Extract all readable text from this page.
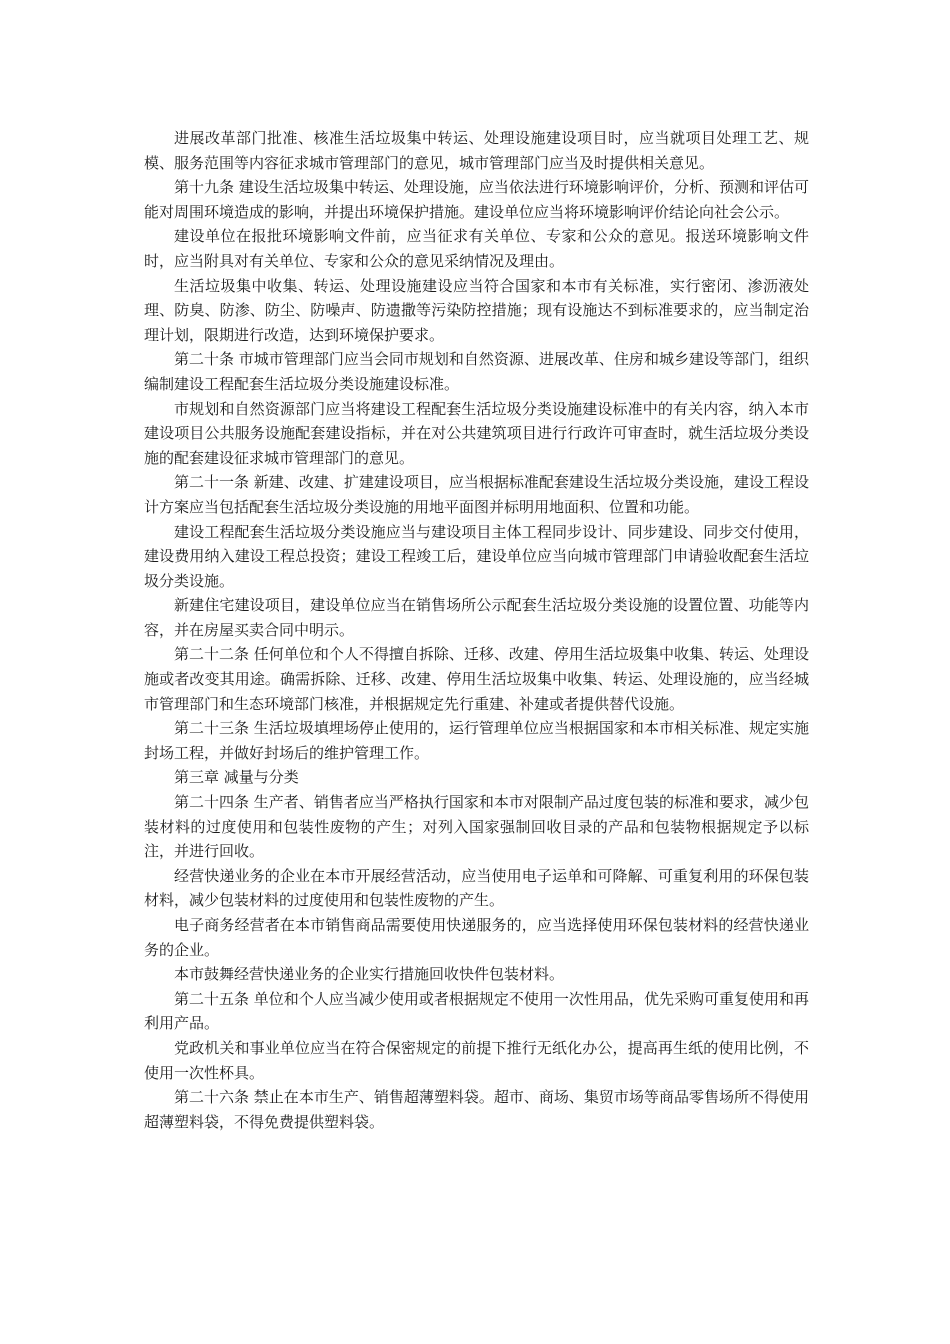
进展改革部门批准、核准生活垃圾集中转运、处理设施建设项目时，应当就项目处理工艺、规模、服务范围等内容征求城市管理部门的意见，城市管理部门应当及时提供相关意见。

第十九条 建设生活垃圾集中转运、处理设施，应当依法进行环境影响评价，分析、预测和评估可能对周围环境造成的影响，并提出环境保护措施。建设单位应当将环境影响评价结论向社会公示。

建设单位在报批环境影响文件前，应当征求有关单位、专家和公众的意见。报送环境影响文件时，应当附具对有关单位、专家和公众的意见采纳情况及理由。

生活垃圾集中收集、转运、处理设施建设应当符合国家和本市有关标准，实行密闭、渗沥液处理、防臭、防渗、防尘、防噪声、防遗撒等污染防控措施；现有设施达不到标准要求的，应当制定治理计划，限期进行改造，达到环境保护要求。

第二十条 市城市管理部门应当会同市规划和自然资源、进展改革、住房和城乡建设等部门，组织编制建设工程配套生活垃圾分类设施建设标准。

市规划和自然资源部门应当将建设工程配套生活垃圾分类设施建设标准中的有关内容，纳入本市建设项目公共服务设施配套建设指标，并在对公共建筑项目进行行政许可审查时，就生活垃圾分类设施的配套建设征求城市管理部门的意见。

第二十一条 新建、改建、扩建建设项目，应当根据标准配套建设生活垃圾分类设施，建设工程设计方案应当包括配套生活垃圾分类设施的用地平面图并标明用地面积、位置和功能。

建设工程配套生活垃圾分类设施应当与建设项目主体工程同步设计、同步建设、同步交付使用，建设费用纳入建设工程总投资；建设工程竣工后，建设单位应当向城市管理部门申请验收配套生活垃圾分类设施。

新建住宅建设项目，建设单位应当在销售场所公示配套生活垃圾分类设施的设置位置、功能等内容，并在房屋买卖合同中明示。

第二十二条 任何单位和个人不得擅自拆除、迁移、改建、停用生活垃圾集中收集、转运、处理设施或者改变其用途。确需拆除、迁移、改建、停用生活垃圾集中收集、转运、处理设施的，应当经城市管理部门和生态环境部门核准，并根据规定先行重建、补建或者提供替代设施。

第二十三条 生活垃圾填埋场停止使用的，运行管理单位应当根据国家和本市相关标准、规定实施封场工程，并做好封场后的维护管理工作。

第三章 减量与分类

第二十四条 生产者、销售者应当严格执行国家和本市对限制产品过度包装的标准和要求，减少包装材料的过度使用和包装性废物的产生；对列入国家强制回收目录的产品和包装物根据规定予以标注，并进行回收。

经营快递业务的企业在本市开展经营活动，应当使用电子运单和可降解、可重复利用的环保包装材料，减少包装材料的过度使用和包装性废物的产生。

电子商务经营者在本市销售商品需要使用快递服务的，应当选择使用环保包装材料的经营快递业务的企业。

本市鼓舞经营快递业务的企业实行措施回收快件包装材料。

第二十五条 单位和个人应当减少使用或者根据规定不使用一次性用品，优先采购可重复使用和再利用产品。

党政机关和事业单位应当在符合保密规定的前提下推行无纸化办公，提高再生纸的使用比例，不使用一次性杯具。

第二十六条 禁止在本市生产、销售超薄塑料袋。超市、商场、集贸市场等商品零售场所不得使用超薄塑料袋，不得免费提供塑料袋。
